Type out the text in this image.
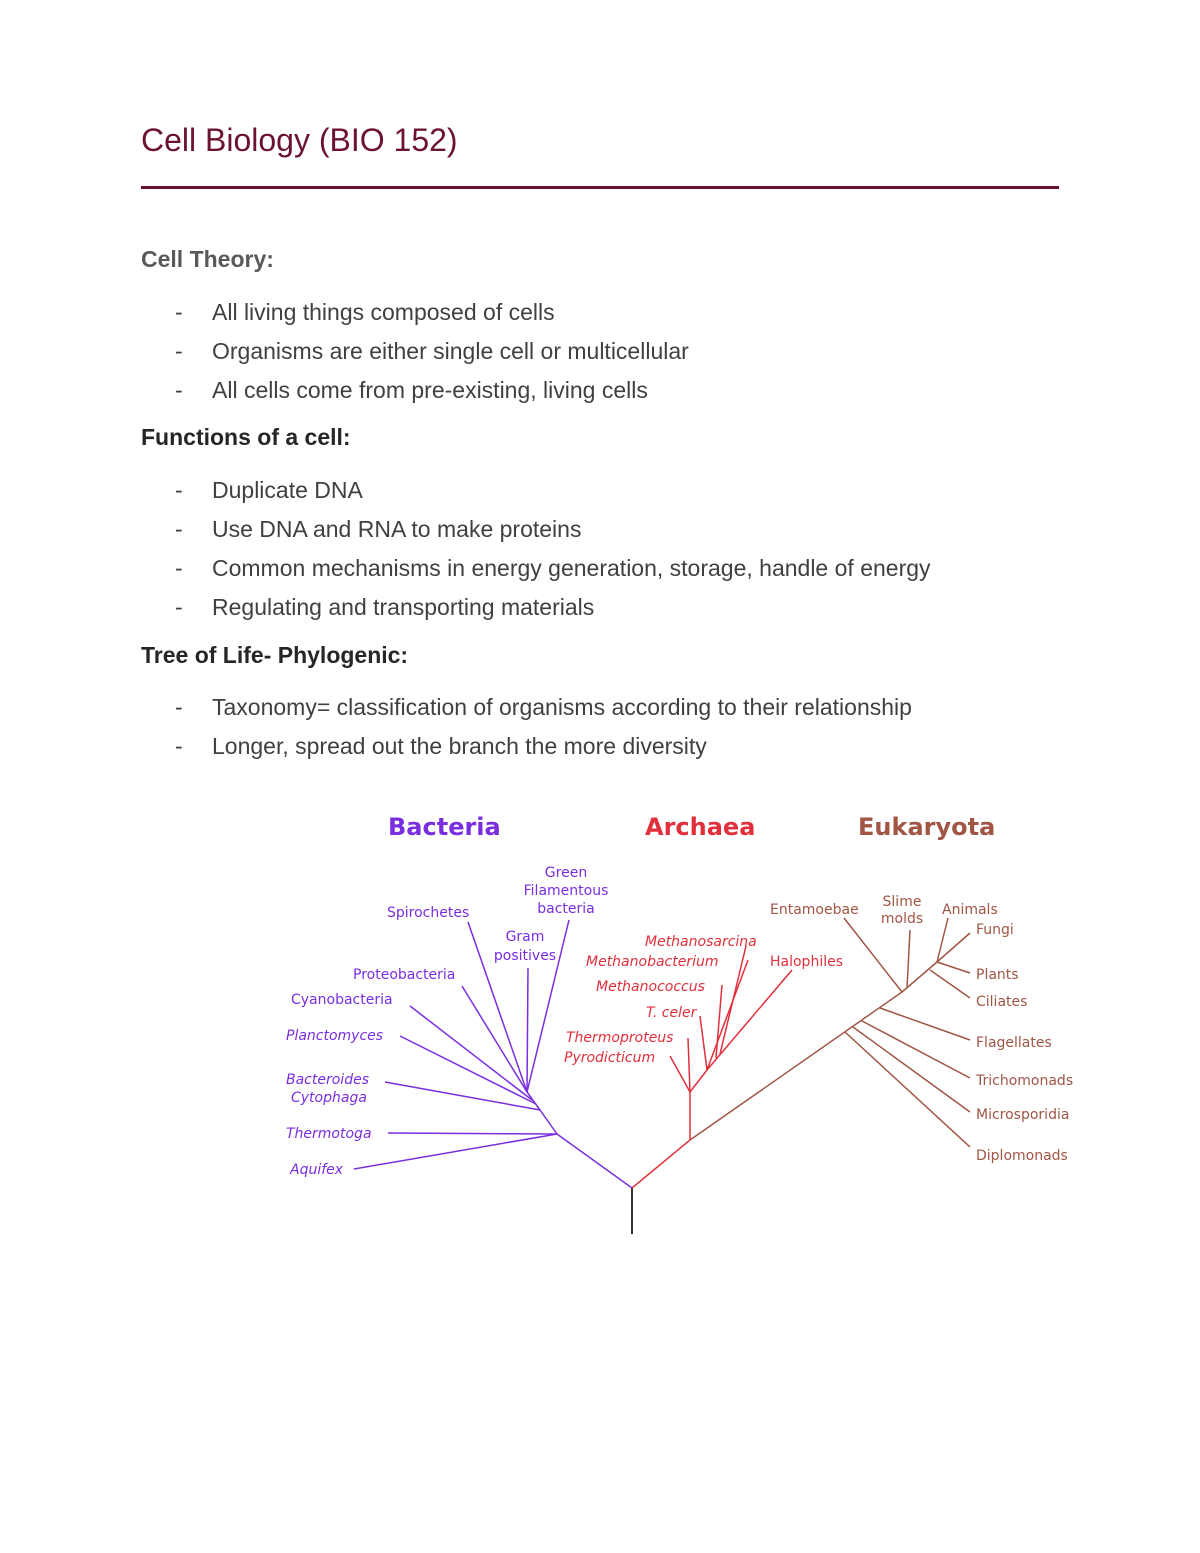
Cell Biology (BIO 152)
Cell Theory:
- All living things composed of cells
- Organisms are either single cell or multicellular
- All cells come from pre-existing, living cells
Functions of a cell:
- Duplicate DNA
- Use DNA and RNA to make proteins
- Common mechanisms in energy generation, storage, handle of energy
- Regulating and transporting materials
Tree of Life- Phylogenic:
- Taxonomy= classification of organisms according to their relationship
- Longer, spread out the branch the more diversity
Bacteria	Archaea	Eukaryota
Green
Filamentous
bacteria
Spirochetes
Gram
positives
Proteobacteria
Cyanobacteria
Planctomyces
Bacteroides
Cytophaga
Thermotoga
Aquifex
Methanosarcina
Methanobacterium	Halophiles
Methanococcus
T. celer
Thermoproteus
Pyrodicticum
Entamoebae Slime
molds
Animals
Fungi
Plants
Ciliates
Flagellates
Trichomonads
Microsporidia
Diplomonads
